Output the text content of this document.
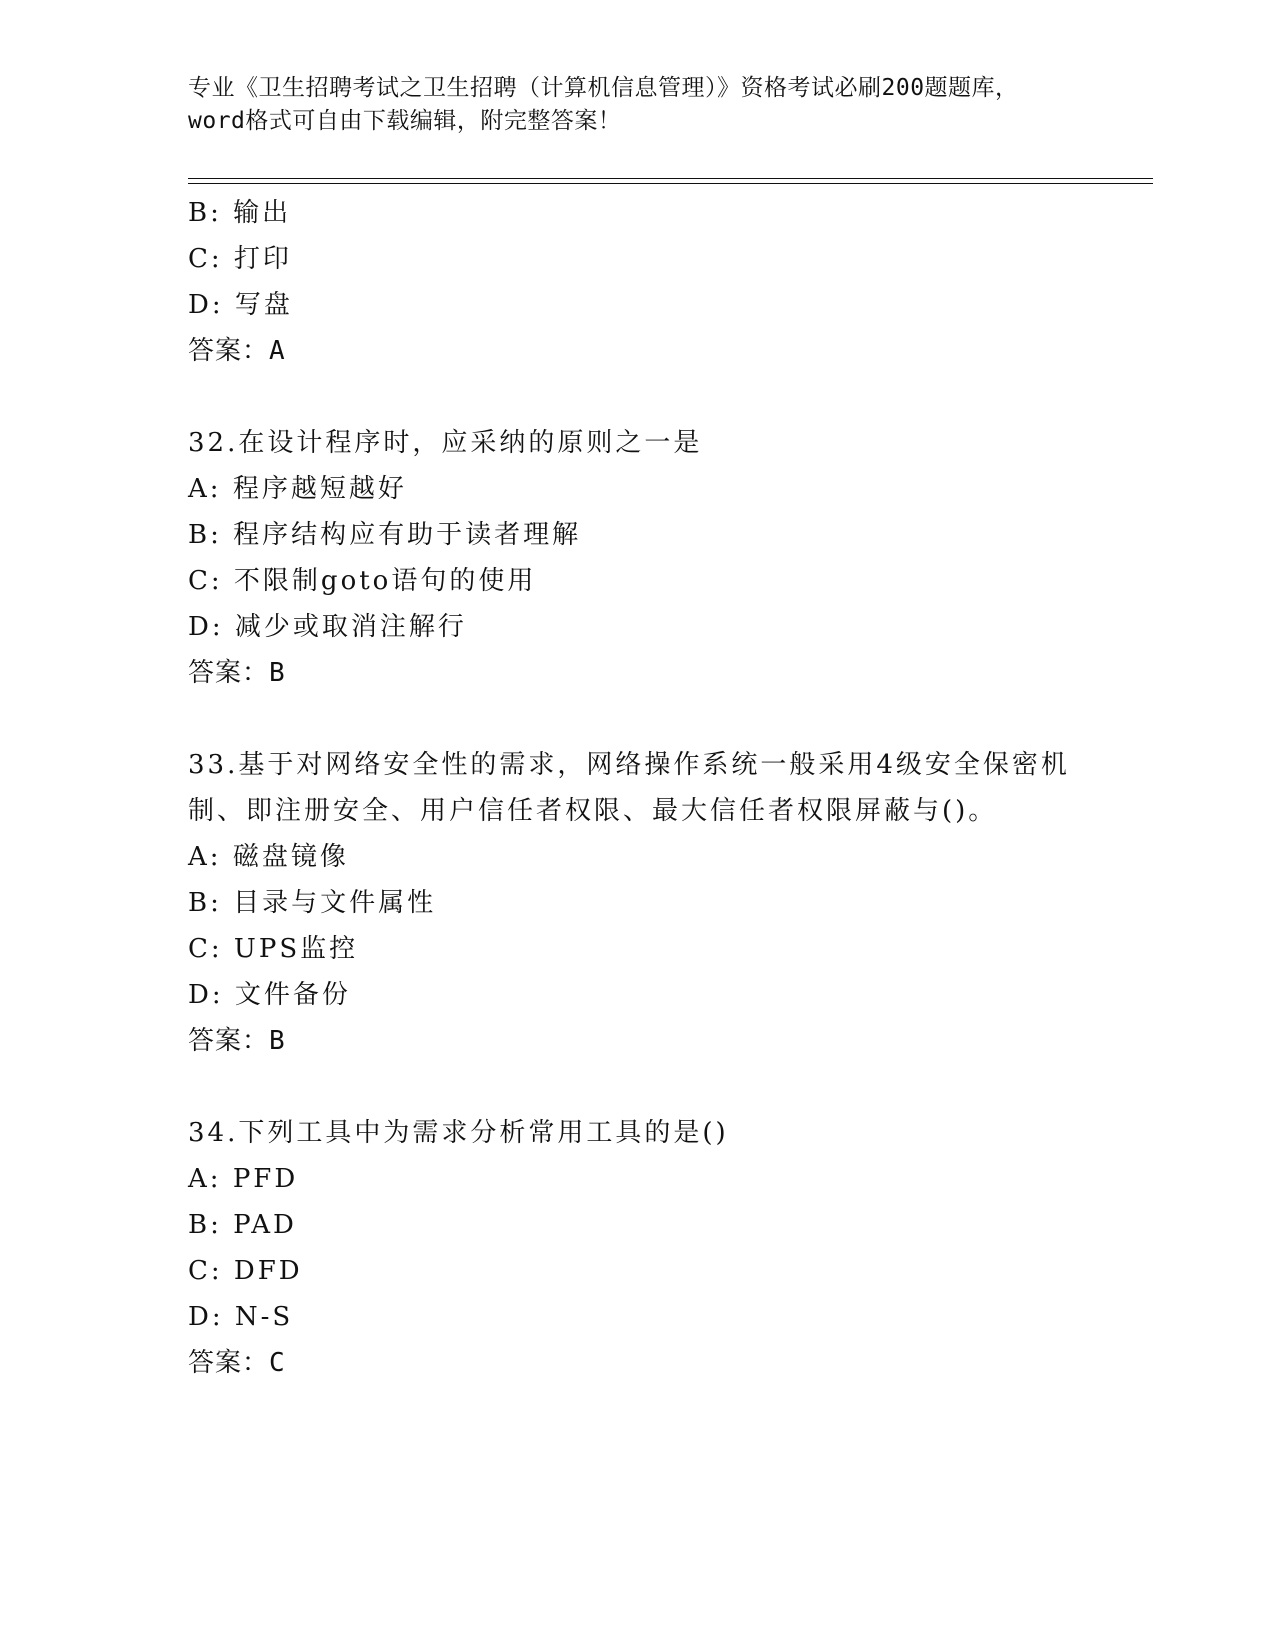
专业《卫生招聘考试之卫生招聘（计算机信息管理）》资格考试必刷200题题库，
word格式可自由下载编辑，附完整答案！
B: 输出
C: 打印
D: 写盘
答案：A
32.在设计程序时，应采纳的原则之一是
A: 程序越短越好
B: 程序结构应有助于读者理解
C: 不限制goto语句的使用
D: 减少或取消注解行
答案：B
33.基于对网络安全性的需求，网络操作系统一般采用4级安全保密机制、即注册安全、用户信任者权限、最大信任者权限屏蔽与()。
A: 磁盘镜像
B: 目录与文件属性
C: UPS监控
D: 文件备份
答案：B
34.下列工具中为需求分析常用工具的是()
A: PFD
B: PAD
C: DFD
D: N-S
答案：C
